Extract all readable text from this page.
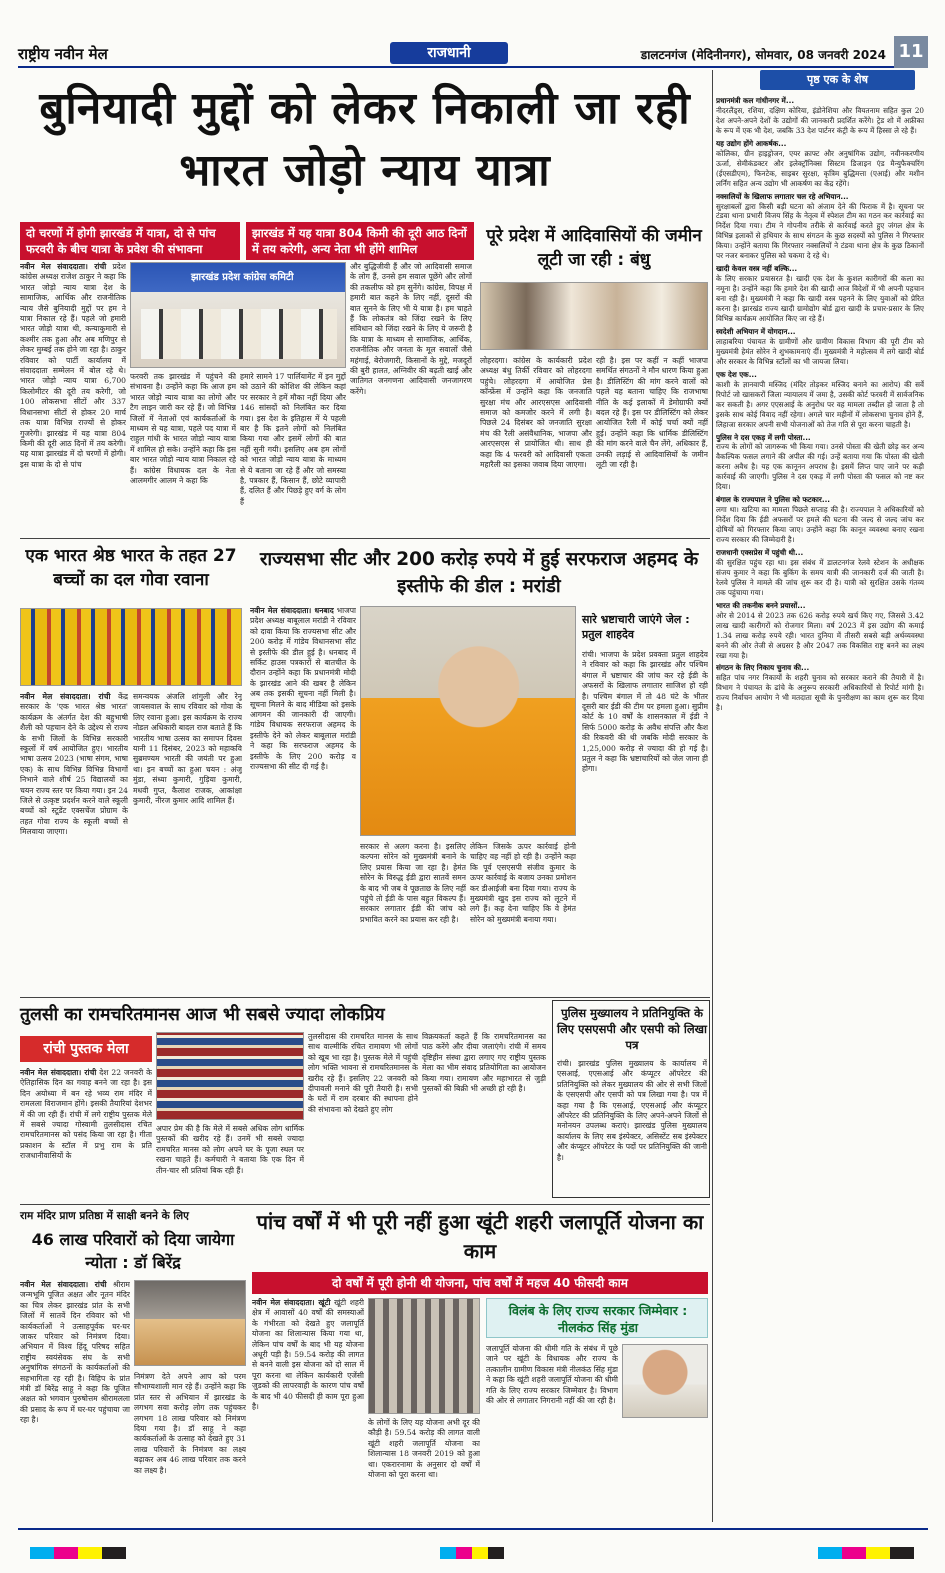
राष्ट्रीय नवीन मेल	राजधानी	डालटनगंज (मेदिनीनगर), सोमवार, 08 जनवरी 2024 11
बुनियादी मुद्दों को लेकर निकाली जा रही भारत जोड़ो न्याय यात्रा
दो चरणों में होगी झारखंड में यात्रा, दो से पांच फरवरी के बीच यात्रा के प्रवेश की संभावना
झारखंड में यह यात्रा 804 किमी की दूरी आठ दिनों में तय करेगी, अन्य नेता भी होंगे शामिल
नवीन मेल संवाददाता। रांची प्रदेश कांग्रेस अध्यक्ष राजेश ठाकुर ने कहा कि भारत जोड़ो न्याय यात्रा देश के सामाजिक, आर्थिक और राजनीतिक न्याय जैसे बुनियादी मुद्दों पर हम ने यात्रा निकाल रहे हैं। पहले जो हमारी भारत जोड़ो यात्रा थी, कन्याकुमारी से कश्मीर तक हुआ और अब मणिपुर से लेकर मुम्बई तक होने जा रहा है। ठाकुर रविवार को पार्टी कार्यालय में संवाददाता सम्मेलन में बोल रहे थे। भारत जोड़ो न्याय यात्रा 6,700 किलोमीटर की दूरी तय करेगी, जो 100 लोकसभा सीटों और 337 विधानसभा सीटों से होकर 20 मार्च तक यात्रा विभिन्न राज्यों से होकर गुजरेगी। झारखंड में यह यात्रा 804 किमी की दूरी आठ दिनों में तय करेगी। यह यात्रा झारखंड में दो चरणों में होगी। इस यात्रा के दो से पांच
झारखंड प्रदेश कांग्रेस कमिटी
फरवरी तक झारखंड में पहुंचने की संभावना है। उन्होंने कहा कि आज हम भारत जोड़ो न्याय यात्रा का लोगो और टैग लाइन जारी कर रहे हैं। जो विभिन्न जिलों में नेताओं एवं कार्यकर्ताओं के माध्यम से यह यात्रा, पहले पद यात्रा में राहुल गांधी के भारत जोड़ो न्याय यात्रा में शामिल हो सके। उन्होंने कहा कि इस बार भारत जोड़ो न्याय यात्रा निकाल रहे हैं। कांग्रेस विधायक दल के नेता आलमगीर आलम ने कहा कि
हमारे सामने 17 पार्लियामेंट में इन मुद्दों को उठाने की कोशिश की लेकिन कहां पर सरकार ने हमें मौका नहीं दिया और 146 सांसदों को निलंबित कर दिया गया। इस देश के इतिहास में ये पहली बार है कि इतने लोगों को निलंबित किया गया और इसमें लोगों की बात नहीं सुनी गयी। इसलिए अब हम लोगों को भारत जोड़ो न्याय यात्रा के माध्यम से ये बताना जा रहे हैं और जो समस्या है, पत्रकार हैं, किसान हैं, छोटे व्यापारी हैं, दलित हैं और पिछड़े हुए वर्ग के लोग हैं
और बुद्धिजीवी हैं और जो आदिवासी समाज के लोग हैं, उनसे हम सवाल पूछेंगे और लोगों की तकलीफ को हम सुनेंगे। कांग्रेस, विपक्ष में हमारी बात कहने के लिए नहीं, दूसरों की बात सुनने के लिए भी ये यात्रा है। हम चाहते हैं कि लोकतंत्र को जिंदा रखने के लिए संविधान को जिंदा रखने के लिए ये जरूरी है कि यात्रा के माध्यम से सामाजिक, आर्थिक, राजनीतिक और जनता के मूल सवालों जैसे महंगाई, बेरोजगारी, किसानों के मुद्दे, मजदूरों की बुरी हालत, अग्निवीर की बढ़ती खाई और जातिगत जनगणना आदिवासी जनजागरण करेंगे।
पूरे प्रदेश में आदिवासियों की जमीन लूटी जा रही : बंधु
लोहरदगा। कांग्रेस के कार्यकारी प्रदेश अध्यक्ष बंधु तिर्की रविवार को लोहरदगा पहुंचे। लोहरदगा में आयोजित प्रेस कॉन्फ्रेंस में उन्होंने कहा कि जनजाति सुरक्षा मंच और आरएसएस आदिवासी समाज को कमजोर करने में लगी है। पिछले 24 दिसंबर को जनजाति सुरक्षा मंच की रैली असंवैधानिक, भाजपा और आरएसएस से प्रायोजित थी। साथ ही कहा कि 4 फरवरी को आदिवासी एकता महारैली का इसका जवाब दिया जाएगा।
रही है। इस पर कहीं न कहीं भाजपा समर्थित संगठनों ने मौन धारण किया हुआ है। डीलिस्टिंग की मांग करने वालों को पहले यह बताना चाहिए कि राजभाषा नीति के कई इलाकों में डेमोग्राफी क्यों बदल रहे हैं। इस पर डीलिस्टिंग को लेकर आयोजित रैली में कोई चर्चा क्यों नहीं हुई। उन्होंने कहा कि धार्मिक डीलिस्टिंग की मांग करने वाले चैन लेंगे, अधिकार हैं, उनकी लड़ाई से आदिवासियों के जमीन लूटी जा रही है।
एक भारत श्रेष्ठ भारत के तहत 27 बच्चों का दल गोवा रवाना
नवीन मेल संवाददाता। रांची केंद्र सरकार के 'एक भारत श्रेष्ठ भारत' कार्यक्रम के अंतर्गत देश की बहुभाषी शैली को पहचान देने के उद्देश्य से राज्य के सभी जिलों के विभिन्न सरकारी स्कूलों में वर्ष आयोजित हुए। भारतीय भाषा उत्सव 2023 (भाषा संगम, भाषा एक) के साथ विभिन्न विभिन्न विभागों निभाने वाले शीर्ष 25 विद्यालयों का चयन राज्य स्तर पर किया गया। इन 24 जिले से उत्कृष्ट प्रदर्शन करने वाले स्कूली बच्चों को स्टूडेंट एक्सचेंज प्रोग्राम के तहत गोवा राज्य के स्कूली बच्चों से मिलवाया जाएगा।
समन्वयक अंजलि शांगुली और रेनू जायसवाल के साथ रविवार को गोवा के लिए रवाना हुआ। इस कार्यक्रम के राज्य नोडल अधिकारी बादल राज बताते हैं कि भारतीय भाषा उत्सव का समापन दिवस यानी 11 दिसंबर, 2023 को महाकवि सुब्रमण्यम भारती की जयंती पर हुआ था। इन बच्चों का हुआ चयन : अंजू मुंडा, संध्या कुमारी, गुड़िया कुमारी, मधवी गुप्त, कैलाश राजक, आकांक्षा कुमारी, नीरज कुमार आदि शामिल हैं।
राज्यसभा सीट और 200 करोड़ रुपये में हुई सरफराज अहमद के इस्तीफे की डील : मरांडी
नवीन मेल संवाददाता। धनबाद भाजपा प्रदेश अध्यक्ष बाबूलाल मरांडी ने रविवार को दावा किया कि राज्यसभा सीट और 200 करोड़ में गांडेय विधानसभा सीट से इस्तीफे की डील हुई है। धनबाद में सर्किट हाउस पत्रकारों से बातचीत के दौरान उन्होंने कहा कि प्रधानमंत्री मोदी के झारखंड आने की खबर है लेकिन अब तक इसकी सूचना नहीं मिली है। सूचना मिलने के बाद मीडिया को इसके आगमन की जानकारी दी जाएगी। गांडेय विधायक सरफराज अहमद के इस्तीफे देने को लेकर बाबूलाल मरांडी ने कहा कि सरफराज अहमद के इस्तीफे के लिए 200 करोड़ व राज्यसभा की सीट दी गई है।
सरकार से अलग करना है। इसलिए कल्पना सोरेन को मुख्यमंत्री बनाने के लिए प्रयास किया जा रहा है। हेमंत सोरेन के विरुद्ध ईडी द्वारा सातवें समन के बाद भी जब वे पूछताछ के लिए नहीं पहुंचे तो ईडी के पास बहुत विकल्प हैं। सरकार लगातार ईडी की जांच को प्रभावित करने का प्रयास कर रही है।
लेकिन जिसके ऊपर कार्रवाई होनी चाहिए वह नहीं हो रही है। उन्होंने कहा कि पूर्व एसएसपी संजीव कुमार के ऊपर कार्रवाई के बजाय उनका प्रमोशन कर डीआईजी बना दिया गया। राज्य के मुख्यमंत्री खुद इस राज्य को लूटने में लगे हैं। कह देना चाहिए कि वे हेमंत सोरेन को मुख्यमंत्री बनाया गया।
सारे भ्रष्टाचारी जाएंगे जेल : प्रतुल शाहदेव
रांची। भाजपा के प्रदेश प्रवक्ता प्रतुल शाहदेव ने रविवार को कहा कि झारखंड और पश्चिम बंगाल में भ्रष्टाचार की जांच कर रहे ईडी के अफसरों के खिलाफ लगातार साजिश हो रही है। पश्चिम बंगाल में तो 48 घंटे के भीतर दूसरी बार ईडी की टीम पर हमला हुआ। सुप्रीम कोर्ट के 10 वर्षों के शासनकाल में ईडी ने सिर्फ 5000 करोड़ के अवैध संपत्ति और कैश की रिकवरी की थी जबकि मोदी सरकार के 1,25,000 करोड़ से ज्यादा की हो गई है। प्रतुल ने कहा कि भ्रष्टाचारियों को जेल जाना ही होगा।
तुलसी का रामचरितमानस आज भी सबसे ज्यादा लोकप्रिय
रांची पुस्तक मेला
नवीन मेल संवाददाता। रांची देश 22 जनवरी के ऐतिहासिक दिन का गवाह बनने जा रहा है। इस दिन अयोध्या में बन रहे भव्य राम मंदिर में रामलला विराजमान होंगे। इसकी तैयारियां देशभर में की जा रही हैं। रांची में लगे राष्ट्रीय पुस्तक मेले में सबसे ज्यादा गोस्वामी तुलसीदास रचित रामचरितमानस को पसंद किया जा रहा है। गीता प्रकाशन के स्टॉल में प्रभु राम के प्रति राजधानीवासियों के
अपार प्रेम की है कि मेले में सबसे अधिक लोग धार्मिक पुस्तकों की खरीद रहे हैं। उनमें भी सबसे ज्यादा रामचरित मानस को लोग अपने घर के पूजा स्थल पर रखना चाहते हैं। कर्मचारी ने बताया कि एक दिन में तीन-चार सौ प्रतियां बिक रही हैं।
तुलसीदास की रामचरित मानस के साथ साथ वाल्मीकि रचित रामायण भी लोगों को खूब भा रहा है। पुस्तक मेले में पहुंची लोग भक्ति भावना से रामचरितमानस के खरीद रहे हैं। इसलिए 22 जनवरी को दीपावली मनाने की पूरी तैयारी है। सभी के घरों में राम दरबार की स्थापना होने की संभावना को देखते हुए लोग
विक्रयकर्ता कहते हैं कि रामचरितमानस का पाठ करेंगे और दीया जलाएंगे। रांची में समय दृष्टिहीन संस्था द्वारा लगाए गए राष्ट्रीय पुस्तक मेला का भीम संवाद प्रतियोगिता का आयोजन किया गया। रामायण और महाभारत से जुड़ी पुस्तकों की बिक्री भी अच्छी हो रही है।
पुलिस मुख्यालय ने प्रतिनियुक्ति के लिए एसएसपी और एसपी को लिखा पत्र
रांची। झारखंड पुलिस मुख्यालय के कार्यालय में एसआई, एएसआई और कंप्यूटर ऑपरेटर की प्रतिनियुक्ति को लेकर मुख्यालय की ओर से सभी जिलों के एसएसपी और एसपी को पत्र लिखा गया है। पत्र में कहा गया है कि एसआई, एएसआई और कंप्यूटर ऑपरेटर की प्रतिनियुक्ति के लिए अपने-अपने जिलों से मनोनयन उपलब्ध कराएं। झारखंड पुलिस मुख्यालय कार्यालय के लिए सब इंस्पेक्टर, असिस्टेंट सब इंस्पेक्टर और कंप्यूटर ऑपरेटर के पदों पर प्रतिनियुक्ति की जानी है।
राम मंदिर प्राण प्रतिष्ठा में साक्षी बनने के लिए
46 लाख परिवारों को दिया जायेगा न्योता : डॉ बिरेंद्र
नवीन मेल संवाददाता। रांची श्रीराम जन्मभूमि पूजित अक्षत और नूतन मंदिर का चित्र लेकर झारखंड प्रांत के सभी जिलों में सातवें दिन रविवार को भी कार्यकर्ताओं ने उत्साहपूर्वक घर-घर जाकर परिवार को निमंत्रण दिया। अभियान में विश्व हिंदू परिषद सहित राष्ट्रीय स्वयंसेवक संघ के सभी अनुषांगिक संगठनों के कार्यकर्ताओं की सहभागिता रह रही है। विहिप के प्रांत मंत्री डॉ बिरेंद्र साहू ने कहा कि पूजित अक्षत को भगवान पुरुषोत्तम श्रीरामलला की प्रसाद के रूप में घर-घर पहुंचाया जा रहा है।
निमंत्रण देते अपने आप को परम सौभाग्यशाली मान रहे हैं। उन्होंने कहा कि प्रांत स्तर से अभियान में झारखंड के लगभग सवा करोड़ लोग तक पहुंचकर लगभग 18 लाख परिवार को निमंत्रण दिया गया है। डॉ साहू ने कहा कार्यकर्ताओं के उत्साह को देखते हुए 31 लाख परिवारों के निमंत्रण का लक्ष्य बढ़ाकर अब 46 लाख परिवार तक करने का लक्ष्य है।
पांच वर्षों में भी पूरी नहीं हुआ खूंटी शहरी जलापूर्ति योजना का काम
दो वर्षों में पूरी होनी थी योजना, पांच वर्षों में महज 40 फीसदी काम
नवीन मेल संवाददाता। खूंटी खूंटी शहरी क्षेत्र में आवासों 40 वर्षों की समस्याओं के गंभीरता को देखते हुए जलापूर्ति योजना का शिलान्यास किया गया था, लेकिन पांच वर्षों के बाद भी यह योजना अधूरी पड़ी है। 59.54 करोड़ की लागत से बनने वाली इस योजना को दो साल में पूरा करना था लेकिन कार्यकारी एजेंसी जुडको की लापरवाही के कारण पांच वर्षों के बाद भी 40 फीसदी ही काम पूरा हुआ है।
के लोगों के लिए यह योजना अभी दूर की कौड़ी है। 59.54 करोड़ की लागत वाली खूंटी शहरी जलापूर्ति योजना का शिलान्यास 18 जनवरी 2019 को हुआ था। एकरारनामा के अनुसार दो वर्षों में योजना को पूरा करना था।
विलंब के लिए राज्य सरकार जिम्मेवार : नीलकंठ सिंह मुंडा
जलापूर्ति योजना की धीमी गति के संबंध में पूछे जाने पर खूंटी के विधायक और राज्य के तत्कालीन ग्रामीण विकास मंत्री नीलकंठ सिंह मुंडा ने कहा कि खूंटी शहरी जलापूर्ति योजना की धीमी गति के लिए राज्य सरकार जिम्मेवार है। विभाग की ओर से लगातार निगरानी नहीं की जा रही है।
पृष्ठ एक के शेष
प्रधानमंत्री कल गांधीनगर में...
नीदरलैंड्स, रशिया, दक्षिण कोरिया, इंडोनेशिया और वियतनाम सहित कुल 20 देश अपने-अपने देशों के उद्योगों की जानकारी प्रदर्शित करेंगे। ट्रेड शो में अफ्रीका के रूप में एक भी देश, जबकि 33 देश पार्टनर कंट्री के रूप में हिस्सा ले रहे हैं।
यह उद्योग होंगे आकर्षक...
कोलिका, ग्रीन हाइड्रोजन, एयर क्राफ्ट और अनुषांगिक उद्योग, नवीनकरणीय ऊर्जा, सेमीकंडक्टर और इलेक्ट्रॉनिक्स सिस्टम डिजाइन एंड मैन्युफैक्चरिंग (ईएसडीएम), फिनटेक, साइबर सुरक्षा, कृत्रिम बुद्धिमत्ता (एआई) और मशीन लर्निंग सहित अन्य उद्योग भी आकर्षण का केंद्र रहेंगे।
नक्सलियों के खिलाफ लगातार चल रहे अभियान...
सुरक्षाबलों द्वारा किसी बड़ी घटना को अंजाम देने की फिराक में है। सूचना पर टंडवा थाना प्रभारी विजय सिंह के नेतृत्व में स्पेशल टीम का गठन कर कार्रवाई का निर्देश दिया गया। टीम ने गोपनीय तरीके से कार्रवाई करते हुए जंगल क्षेत्र के विभिन्न इलाकों से हथियार के साथ संगठन के कुछ सदस्यों को पुलिस ने गिरफ्तार किया। उन्होंने बताया कि गिरफ्तार नक्सलियों ने टंडवा थाना क्षेत्र के कुछ ठिकानों पर नजर बनाकर पुलिस को चकमा दे रहे थे।
खादी केवल वस्त्र नहीं बल्कि...
के लिए सरकार प्रयासरत है। खादी एक देश के कुशल कारीगरों की कला का नमूना है। उन्होंने कहा कि हमारे देश की खादी आज विदेशों में भी अपनी पहचान बना रही है। मुख्यमंत्री ने कहा कि खादी वस्त्र पहनने के लिए युवाओं को प्रेरित करना है। झारखंड राज्य खादी ग्रामोद्योग बोर्ड द्वारा खादी के प्रचार-प्रसार के लिए विभिन्न कार्यक्रम आयोजित किए जा रहे हैं।
स्वदेशी अभियान में योगदान...
लाहाबरिया पंचायत के ग्रामीणों और ग्रामीण विकास विभाग की पूरी टीम को मुख्यमंत्री हेमंत सोरेन ने शुभकामनाएं दीं। मुख्यमंत्री ने महोत्सव में लगे खादी बोर्ड और सरकार के विभिन्न स्टॉलों का भी जायजा लिया।
एक देश एक...
काशी के ज्ञानवापी मस्जिद (मंदिर तोड़कर मस्जिद बनाने का आरोप) की सर्वे रिपोर्ट जो खासकरों जिला न्यायालय में जमा है, उसकी कोर्ट फरवरी में सार्वजनिक कर सकती है। अगर एएसआई के अनुरोध पर वह मामला तब्दील हो जाता है तो इसके साथ कोई विवाद नहीं रहेगा। अगले चार महीनों में लोकसभा चुनाव होने हैं, लिहाजा सरकार अपनी सभी योजनाओं को तेज गति से पूरा करना चाहती है।
पुलिस ने दस एकड़ में लगी पोस्ता...
राज्य के लोगों को जागरूक भी किया गया। उनसे पोस्ता की खेती छोड़ कर अन्य वैकल्पिक फसल लगाने की अपील की गई। उन्हें बताया गया कि पोस्ता की खेती करना अवैध है। यह एक कानूनन अपराध है। इसमें लिप्त पाए जाने पर कड़ी कार्रवाई की जाएगी। पुलिस ने दस एकड़ में लगी पोस्ता की फसल को नष्ट कर दिया।
बंगाल के राज्यपाल ने पुलिस को फटकार...
लगा था। खटिया का मामला पिछले सप्ताह की है। राज्यपाल ने अधिकारियों को निर्देश दिया कि ईडी अफसरों पर हमले की घटना की जल्द से जल्द जांच कर दोषियों को गिरफ्तार किया जाए। उन्होंने कहा कि कानून व्यवस्था बनाए रखना राज्य सरकार की जिम्मेदारी है।
राजधानी एक्सप्रेस में पहुंची थी...
की सुरक्षित पहुंच रहा था। इस संबंध में डालटनगंज रेलवे स्टेशन के अधीक्षक संजय कुमार ने कहा कि बुकिंग के समय यात्री की जानकारी दर्ज की जाती है। रेलवे पुलिस ने मामले की जांच शुरू कर दी है। यात्री को सुरक्षित उसके गंतव्य तक पहुंचाया गया।
भारत की तकनीक बनने प्रयासों...
ओर से 2014 से 2023 तक 626 करोड़ रुपये खर्च किए गए, जिससे 3.42 लाख खादी कारीगरों को रोजगार मिला। वर्ष 2023 में इस उद्योग की कमाई 1.34 लाख करोड़ रुपये रही। भारत दुनिया में तीसरी सबसे बड़ी अर्थव्यवस्था बनने की ओर तेजी से अग्रसर है और 2047 तक विकसित राष्ट्र बनने का लक्ष्य रखा गया है।
संगठन के लिए निकाय चुनाव की...
सहित पांच नगर निकायों के शहरी चुनाव को सरकार कराने की तैयारी में है। विभाग ने पंचायत के ढांचे के अनुरूप सरकारी अधिकारियों से रिपोर्ट मांगी है। राज्य निर्वाचन आयोग ने भी मतदाता सूची के पुनरीक्षण का काम शुरू कर दिया है।
